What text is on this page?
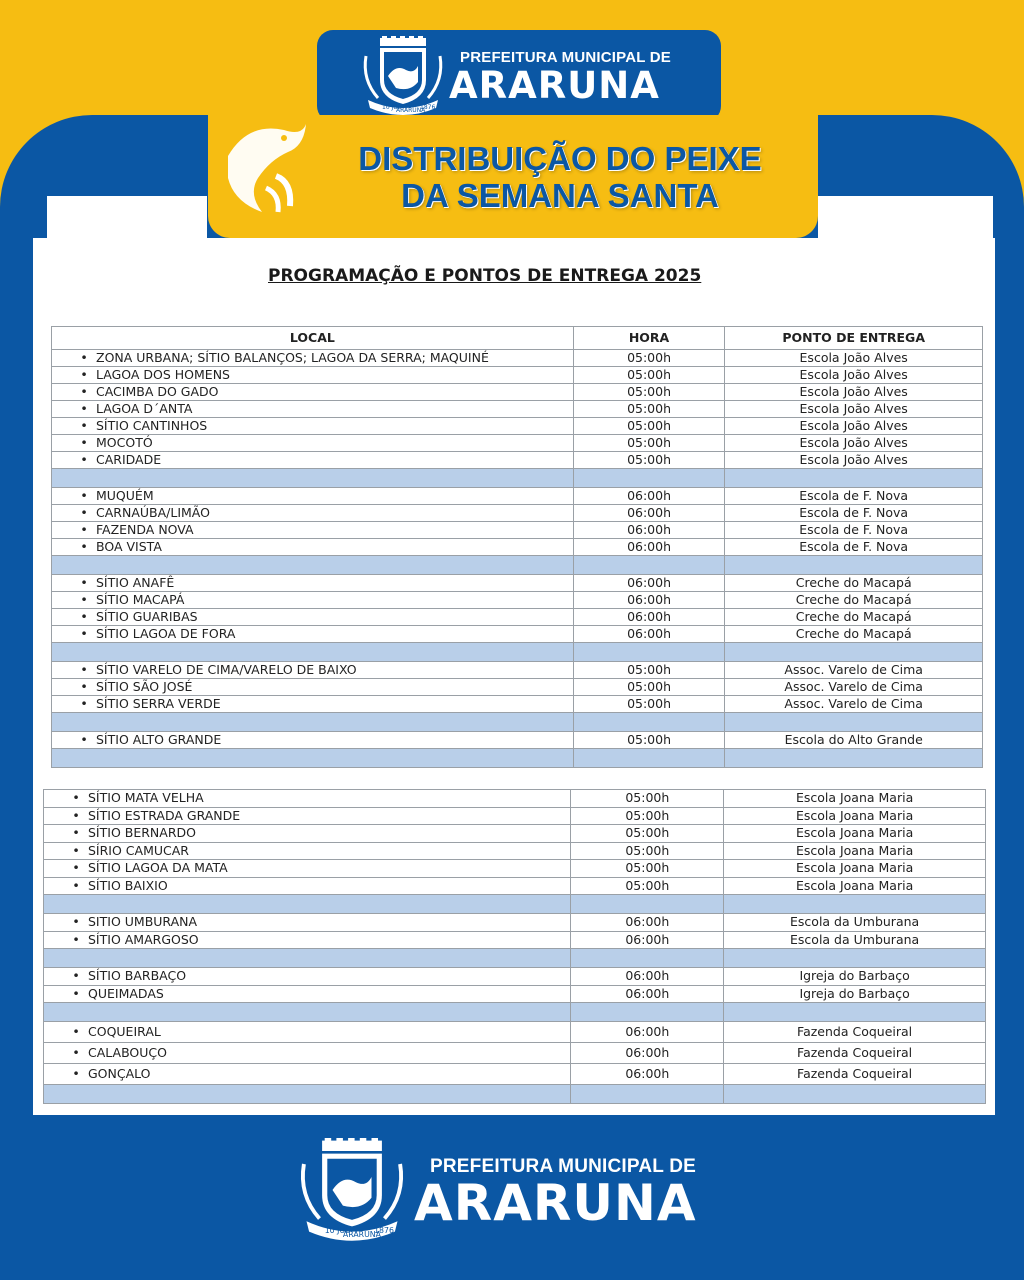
10 JUL
ARARUNA
1876
PREFEITURA MUNICIPAL DE
ARARUNA
DISTRIBUIÇÃO DO PEIXE
DA SEMANA SANTA
PROGRAMAÇÃO E PONTOS DE ENTREGA 2025
LOCAL	HORA	PONTO DE ENTREGA
• ZONA URBANA; SÍTIO BALANÇOS; LAGOA DA SERRA; MAQUINÉ	05:00h	Escola João Alves
• LAGOA DOS HOMENS	05:00h	Escola João Alves
• CACIMBA DO GADO	05:00h	Escola João Alves
• LAGOA D´ANTA	05:00h	Escola João Alves
• SÍTIO CANTINHOS	05:00h	Escola João Alves
• MOCOTÓ	05:00h	Escola João Alves
• CARIDADE	05:00h	Escola João Alves

• MUQUÉM	06:00h	Escola de F. Nova
• CARNAÚBA/LIMÃO	06:00h	Escola de F. Nova
• FAZENDA NOVA	06:00h	Escola de F. Nova
• BOA VISTA	06:00h	Escola de F. Nova

• SÍTIO ANAFÊ	06:00h	Creche do Macapá
• SÍTIO MACAPÁ	06:00h	Creche do Macapá
• SÍTIO GUARIBAS	06:00h	Creche do Macapá
• SÍTIO LAGOA DE FORA	06:00h	Creche do Macapá

• SÍTIO VARELO DE CIMA/VARELO DE BAIXO	05:00h	Assoc. Varelo de Cima
• SÍTIO SÃO JOSÉ	05:00h	Assoc. Varelo de Cima
• SÍTIO SERRA VERDE	05:00h	Assoc. Varelo de Cima

• SÍTIO ALTO GRANDE	05:00h	Escola do Alto Grande

• SÍTIO MATA VELHA	05:00h	Escola Joana Maria
• SÍTIO ESTRADA GRANDE	05:00h	Escola Joana Maria
• SÍTIO BERNARDO	05:00h	Escola Joana Maria
• SÍRIO CAMUCAR	05:00h	Escola Joana Maria
• SÍTIO LAGOA DA MATA	05:00h	Escola Joana Maria
• SÍTIO BAIXIO	05:00h	Escola Joana Maria

• SITIO UMBURANA	06:00h	Escola da Umburana
• SÍTIO AMARGOSO	06:00h	Escola da Umburana

• SÍTIO BARBAÇO	06:00h	Igreja do Barbaço
• QUEIMADAS	06:00h	Igreja do Barbaço

• COQUEIRAL	06:00h	Fazenda Coqueiral
• CALABOUÇO	06:00h	Fazenda Coqueiral
• GONÇALO	06:00h	Fazenda Coqueiral

10 JUL
ARARUNA
1876
PREFEITURA MUNICIPAL DE
ARARUNA
